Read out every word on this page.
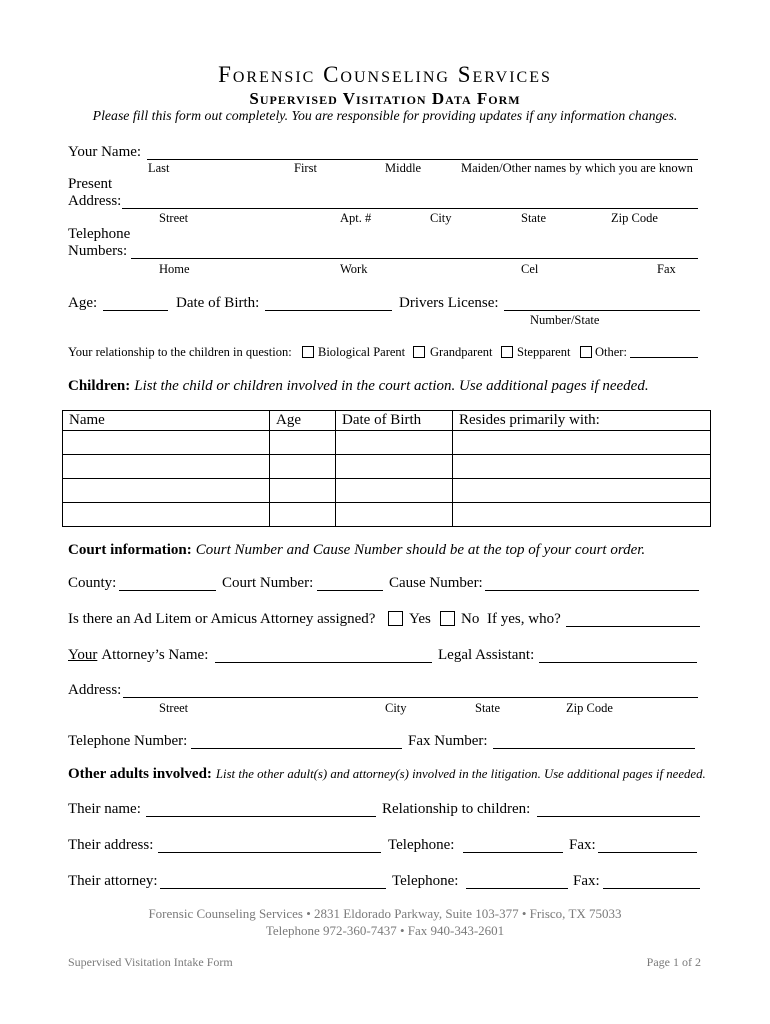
Forensic Counseling Services
Supervised Visitation Data Form
Please fill this form out completely. You are responsible for providing updates if any information changes.
Your Name:
Last	First	Middle	Maiden/Other names by which you are known
Present
Address:
Street	Apt. #	City	State	Zip Code
Telephone
Numbers:
Home	Work	Cel	Fax
Age:	Date of Birth:	Drivers License:
Number/State
Your relationship to the children in question: Biological Parent Grandparent Stepparent Other:
Children: List the child or children involved in the court action. Use additional pages if needed.
Name	Age	Date of Birth	Resides primarily with:

Court information: Court Number and Cause Number should be at the top of your court order.
County:	Court Number:	Cause Number:
Is there an Ad Litem or Amicus Attorney assigned? Yes No If yes, who?
Your Attorney’s Name:	Legal Assistant:
Address:
Street	City	State	Zip Code
Telephone Number:	Fax Number:
Other adults involved: List the other adult(s) and attorney(s) involved in the litigation. Use additional pages if needed.
Their name:	Relationship to children:
Their address:	Telephone:	Fax:
Their attorney:	Telephone:	Fax:
Forensic Counseling Services • 2831 Eldorado Parkway, Suite 103-377 • Frisco, TX 75033
Telephone 972-360-7437 • Fax 940-343-2601
Supervised Visitation Intake Form	Page 1 of 2
